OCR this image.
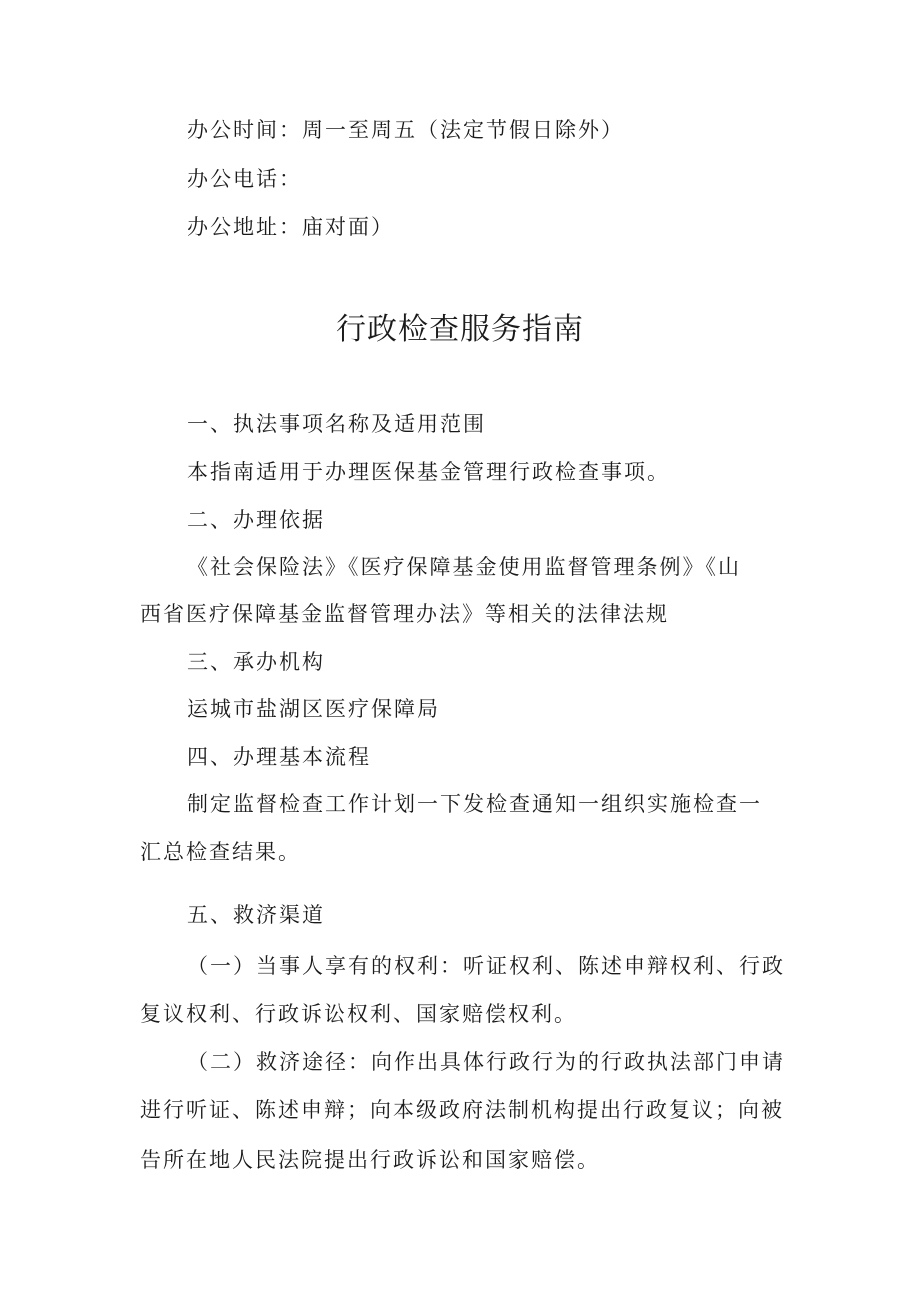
办公时间：周一至周五（法定节假日除外）
办公电话：
办公地址：庙对面）
行政检查服务指南
一、执法事项名称及适用范围
本指南适用于办理医保基金管理行政检查事项。
二、办理依据
《社会保险法》《医疗保障基金使用监督管理条例》《山
西省医疗保障基金监督管理办法》等相关的法律法规
三、承办机构
运城市盐湖区医疗保障局
四、办理基本流程
制定监督检查工作计划一下发检查通知一组织实施检查一
汇总检查结果。
五、救济渠道
（一）当事人享有的权利：听证权利、陈述申辩权利、行政
复议权利、行政诉讼权利、国家赔偿权利。
（二）救济途径：向作出具体行政行为的行政执法部门申请
进行听证、陈述申辩；向本级政府法制机构提出行政复议；向被
告所在地人民法院提出行政诉讼和国家赔偿。
